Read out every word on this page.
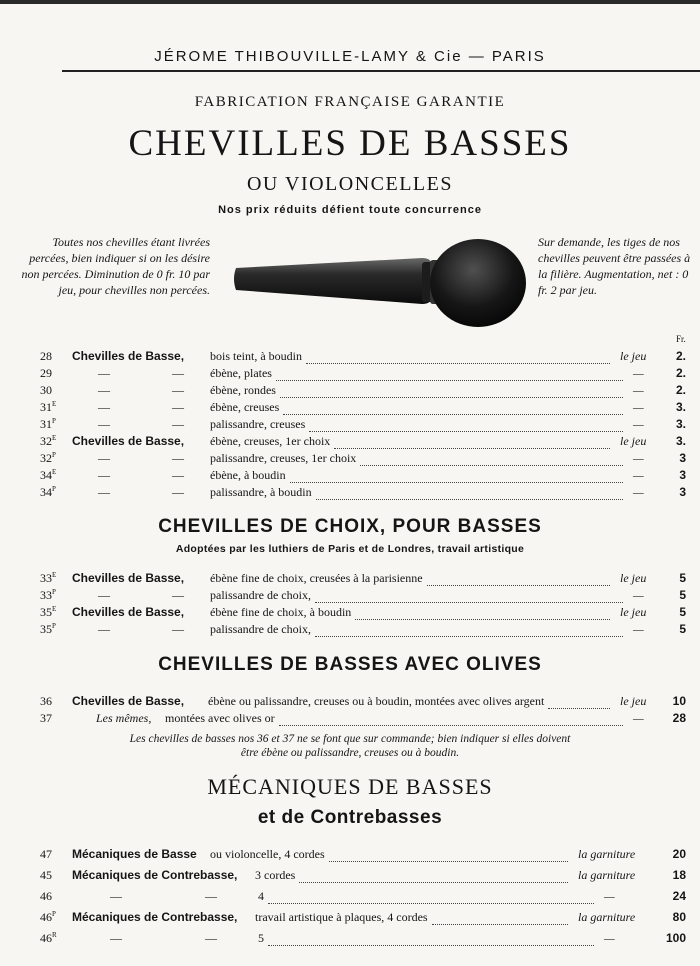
JÉROME THIBOUVILLE-LAMY & Cie — PARIS
FABRICATION FRANÇAISE GARANTIE
CHEVILLES DE BASSES
OU VIOLONCELLES
Nos prix réduits défient toute concurrence
Toutes nos chevilles étant livrées percées, bien indiquer si on les désire non percées. Diminution de 0 fr. 10 par jeu, pour chevilles non percées.
Sur demande, les tiges de nos chevilles peuvent être passées à la filière. Augmentation, net : 0 fr. 2 par jeu.
Fr.
28 Chevilles de Basse, bois teint, à boudin	le jeu	2.
29	—	— ébène, plates	—	2.
30	—	— ébène, rondes	—	2.
$31^E$	—	— ébène, creuses	—	3.
$31^P$	—	— palissandre, creuses	—	3.
$32^E$ Chevilles de Basse, ébène, creuses, 1er choix	le jeu	3.
$32^P$	—	— palissandre, creuses, 1er choix	—	3
$34^E$	—	— ébène, à boudin	—	3
$34^P$	—	— palissandre, à boudin	—	3
CHEVILLES DE CHOIX, POUR BASSES
Adoptées par les luthiers de Paris et de Londres, travail artistique
$33^E$ Chevilles de Basse, ébène fine de choix, creusées à la parisienne	le jeu	5
$33^P$	—	— palissandre de choix,	—	5
$35^E$ Chevilles de Basse, ébène fine de choix, à boudin	le jeu	5
$35^P$	—	— palissandre de choix,	—	5
CHEVILLES DE BASSES AVEC OLIVES
36 Chevilles de Basse, ébène ou palissandre, creuses ou à boudin, montées avec olives argent	le jeu	10
37	Les mêmes, montées avec olives or	—	28
Les chevilles de basses nos 36 et 37 ne se font que sur commande; bien indiquer si elles doivent être ébène ou palissandre, creuses ou à boudin.
MÉCANIQUES DE BASSES
et de Contrebasses
47 Mécaniques de Basse ou violoncelle, 4 cordes	la garniture	20
45 Mécaniques de Contrebasse, 3 cordes	la garniture	18
46	—	—	4	—	24
$46^P$ Mécaniques de Contrebasse, travail artistique à plaques, 4 cordes	la garniture	80
$46^R$	—	—	5	—	100
